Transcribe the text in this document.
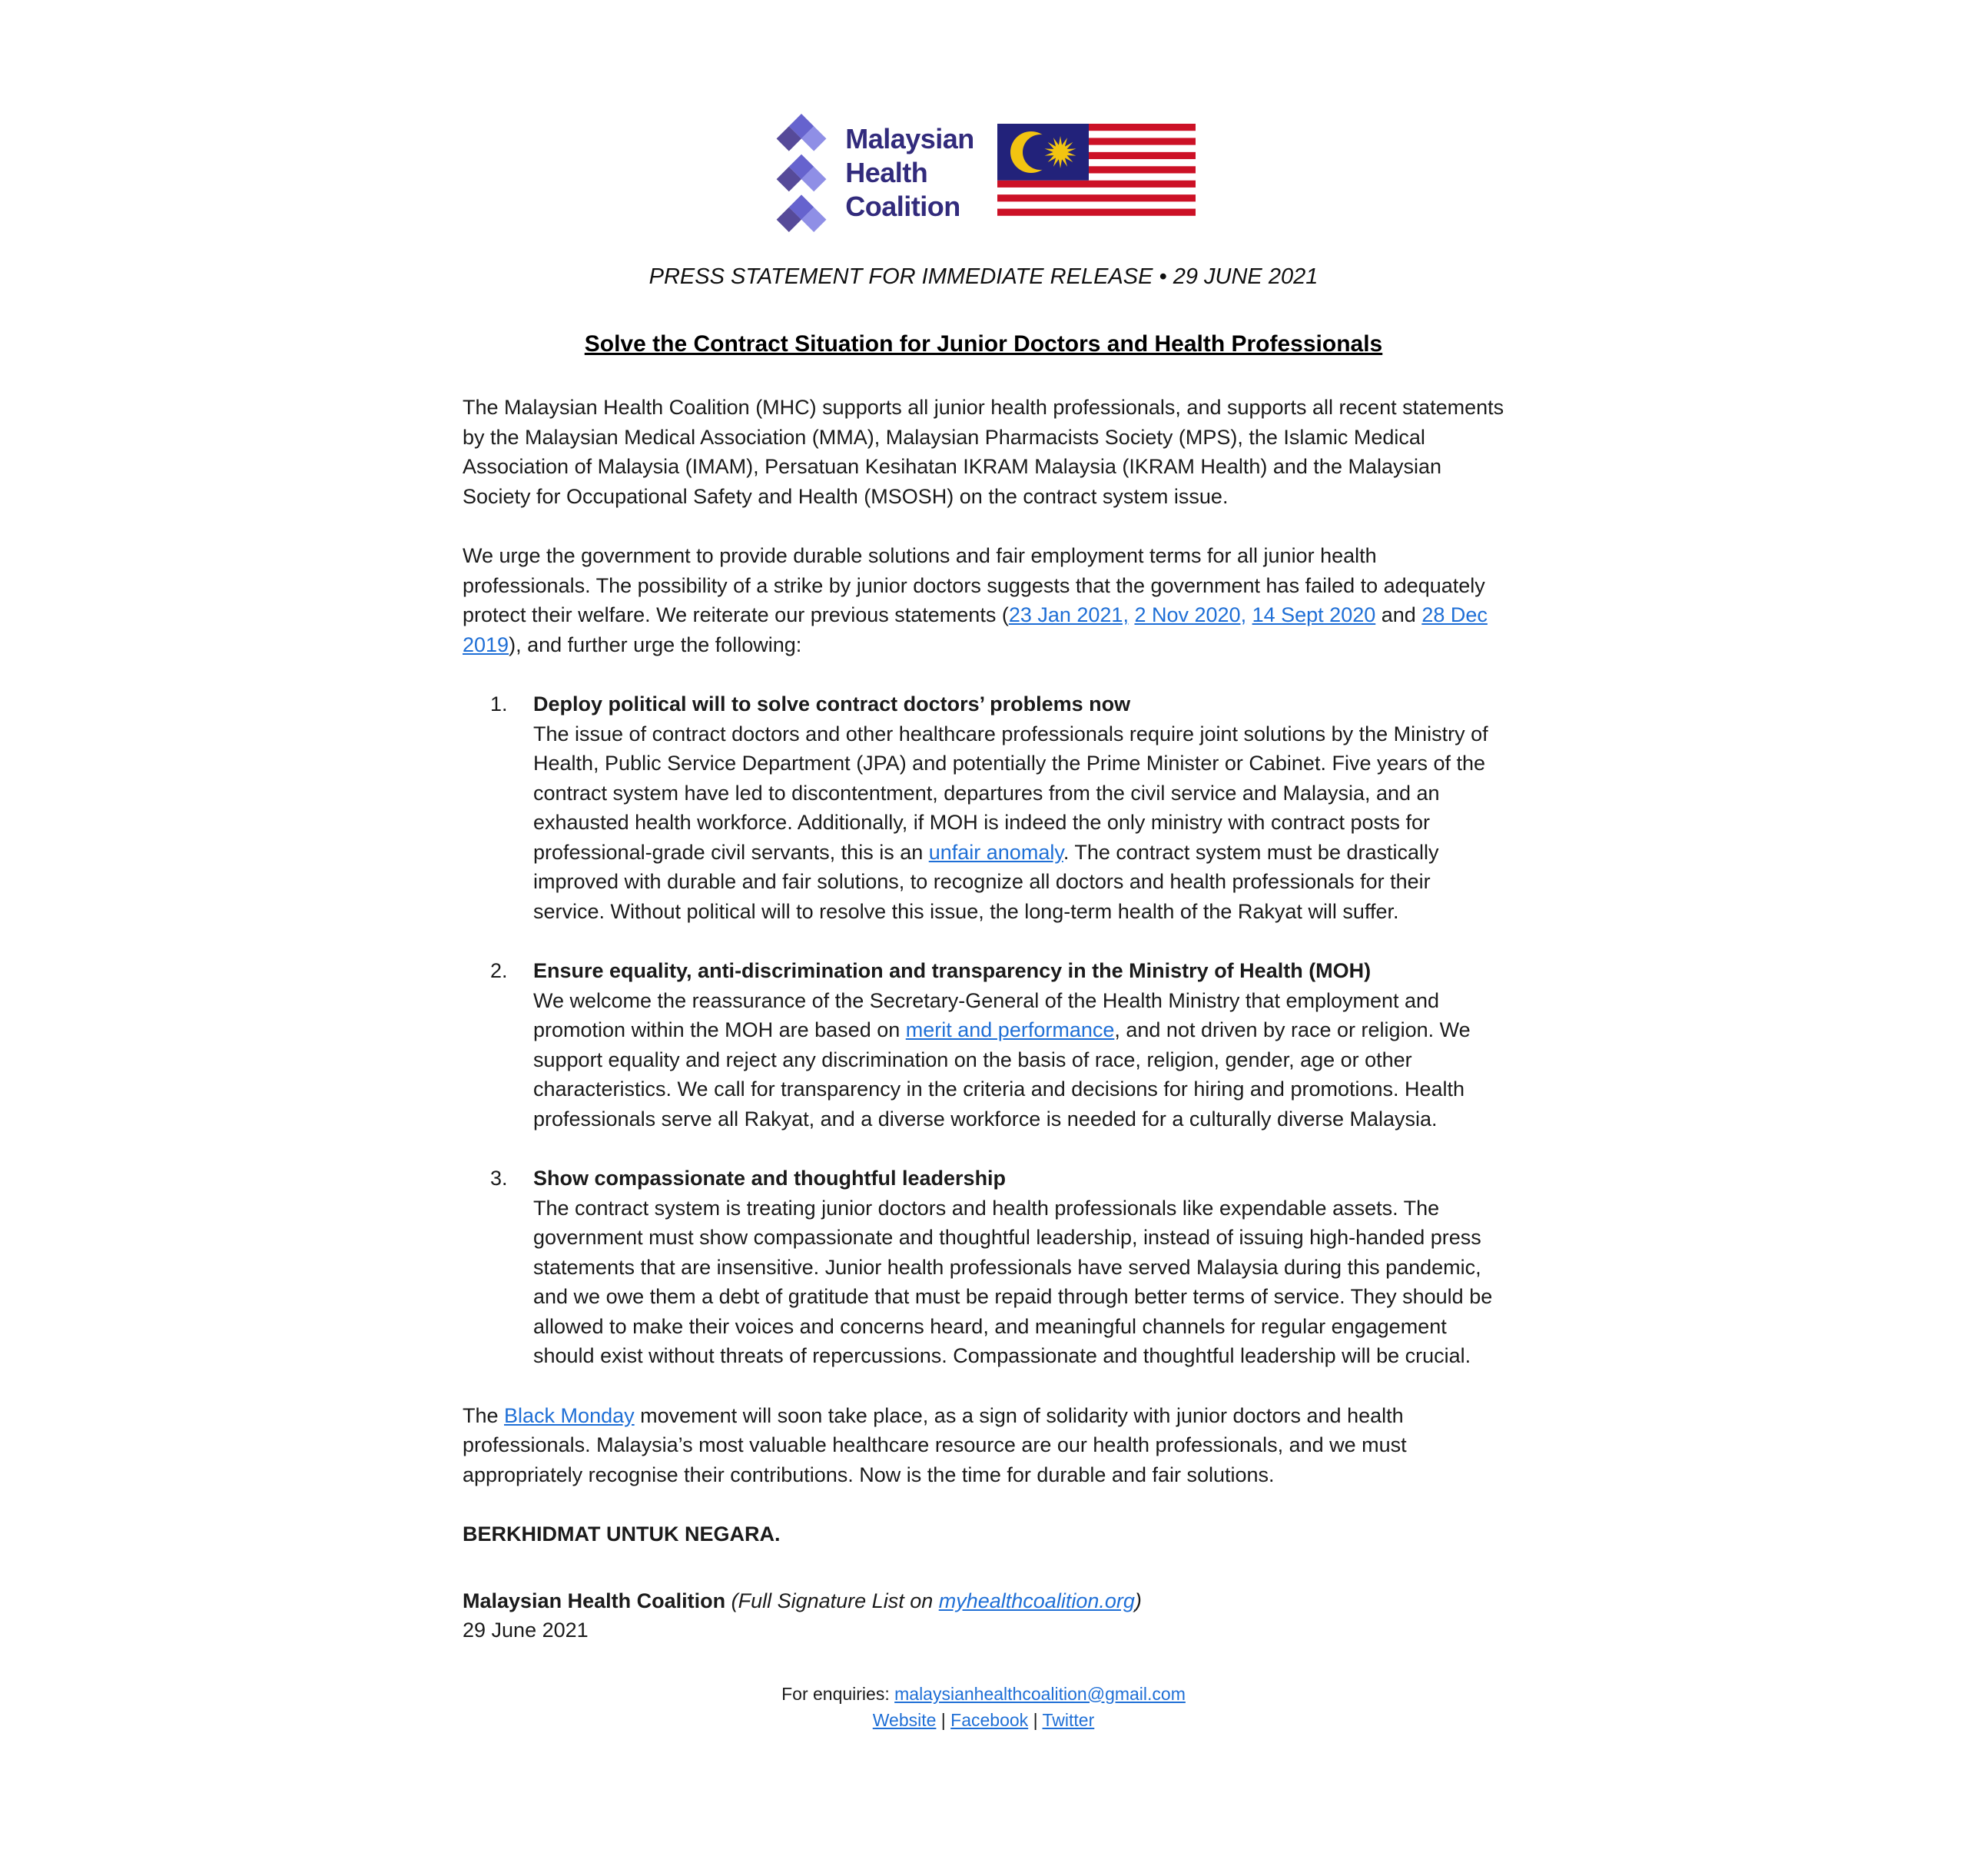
Malaysian
Health
Coalition
PRESS STATEMENT FOR IMMEDIATE RELEASE • 29 JUNE 2021
Solve the Contract Situation for Junior Doctors and Health Professionals

The Malaysian Health Coalition (MHC) supports all junior health professionals, and supports all recent statements by the Malaysian Medical Association (MMA), Malaysian Pharmacists Society (MPS), the Islamic Medical Association of Malaysia (IMAM), Persatuan Kesihatan IKRAM Malaysia (IKRAM Health) and the Malaysian Society for Occupational Safety and Health (MSOSH) on the contract system issue.

We urge the government to provide durable solutions and fair employment terms for all junior health professionals. The possibility of a strike by junior doctors suggests that the government has failed to adequately protect their welfare. We reiterate our previous statements (23 Jan 2021, 2 Nov 2020, 14 Sept 2020 and 28 Dec 2019), and further urge the following:

1.	Deploy political will to solve contract doctors’ problems now
The issue of contract doctors and other healthcare professionals require joint solutions by the Ministry of Health, Public Service Department (JPA) and potentially the Prime Minister or Cabinet. Five years of the contract system have led to discontentment, departures from the civil service and Malaysia, and an exhausted health workforce. Additionally, if MOH is indeed the only ministry with contract posts for professional-grade civil servants, this is an unfair anomaly. The contract system must be drastically improved with durable and fair solutions, to recognize all doctors and health professionals for their service. Without political will to resolve this issue, the long-term health of the Rakyat will suffer.
2.	Ensure equality, anti-discrimination and transparency in the Ministry of Health (MOH)
We welcome the reassurance of the Secretary-General of the Health Ministry that employment and promotion within the MOH are based on merit and performance, and not driven by race or religion. We support equality and reject any discrimination on the basis of race, religion, gender, age or other characteristics. We call for transparency in the criteria and decisions for hiring and promotions. Health professionals serve all Rakyat, and a diverse workforce is needed for a culturally diverse Malaysia.
3.	Show compassionate and thoughtful leadership
The contract system is treating junior doctors and health professionals like expendable assets. The government must show compassionate and thoughtful leadership, instead of issuing high-handed press statements that are insensitive. Junior health professionals have served Malaysia during this pandemic, and we owe them a debt of gratitude that must be repaid through better terms of service. They should be allowed to make their voices and concerns heard, and meaningful channels for regular engagement should exist without threats of repercussions. Compassionate and thoughtful leadership will be crucial.

The Black Monday movement will soon take place, as a sign of solidarity with junior doctors and health professionals. Malaysia’s most valuable healthcare resource are our health professionals, and we must appropriately recognise their contributions. Now is the time for durable and fair solutions.

BERKHIDMAT UNTUK NEGARA.

Malaysian Health Coalition (Full Signature List on myhealthcoalition.org)

29 June 2021

For enquiries: malaysianhealthcoalition@gmail.com
Website | Facebook | Twitter
